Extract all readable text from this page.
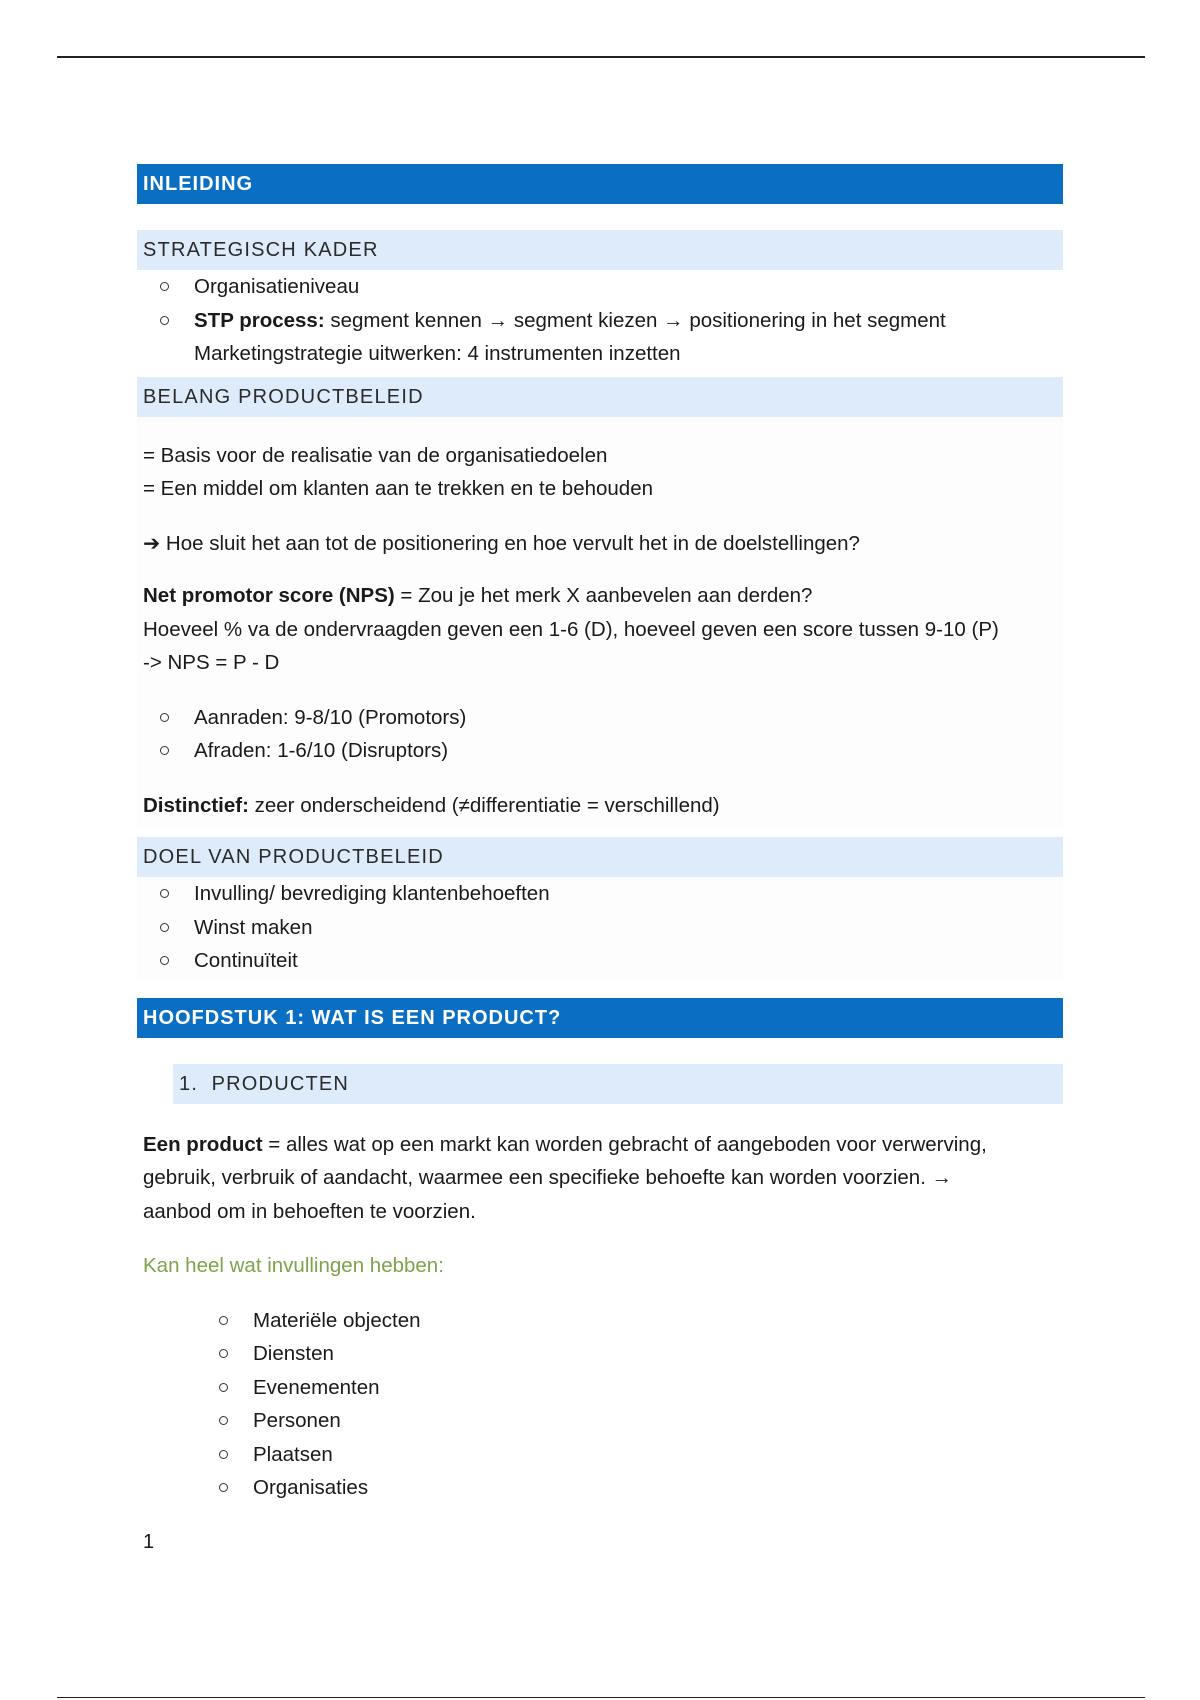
INLEIDING
STRATEGISCH KADER
Organisatieniveau
STP process: segment kennen → segment kiezen → positionering in het segment
Marketingstrategie uitwerken: 4 instrumenten inzetten
BELANG PRODUCTBELEID
= Basis voor de realisatie van de organisatiedoelen
= Een middel om klanten aan te trekken en te behouden
➔ Hoe sluit het aan tot de positionering en hoe vervult het in de doelstellingen?
Net promotor score (NPS) = Zou je het merk X aanbevelen aan derden?
Hoeveel % va de ondervraagden geven een 1-6 (D), hoeveel geven een score tussen 9-10 (P)
-> NPS = P - D
Aanraden: 9-8/10 (Promotors)
Afraden: 1-6/10 (Disruptors)
Distinctief: zeer onderscheidend (≠differentiatie = verschillend)
DOEL VAN PRODUCTBELEID
Invulling/ bevrediging klantenbehoeften
Winst maken
Continuïteit
HOOFDSTUK 1: WAT IS EEN PRODUCT?
1. PRODUCTEN
Een product = alles wat op een markt kan worden gebracht of aangeboden voor verwerving,
gebruik, verbruik of aandacht, waarmee een specifieke behoefte kan worden voorzien. →
aanbod om in behoeften te voorzien.
Kan heel wat invullingen hebben:
Materiële objecten
Diensten
Evenementen
Personen
Plaatsen
Organisaties
1
